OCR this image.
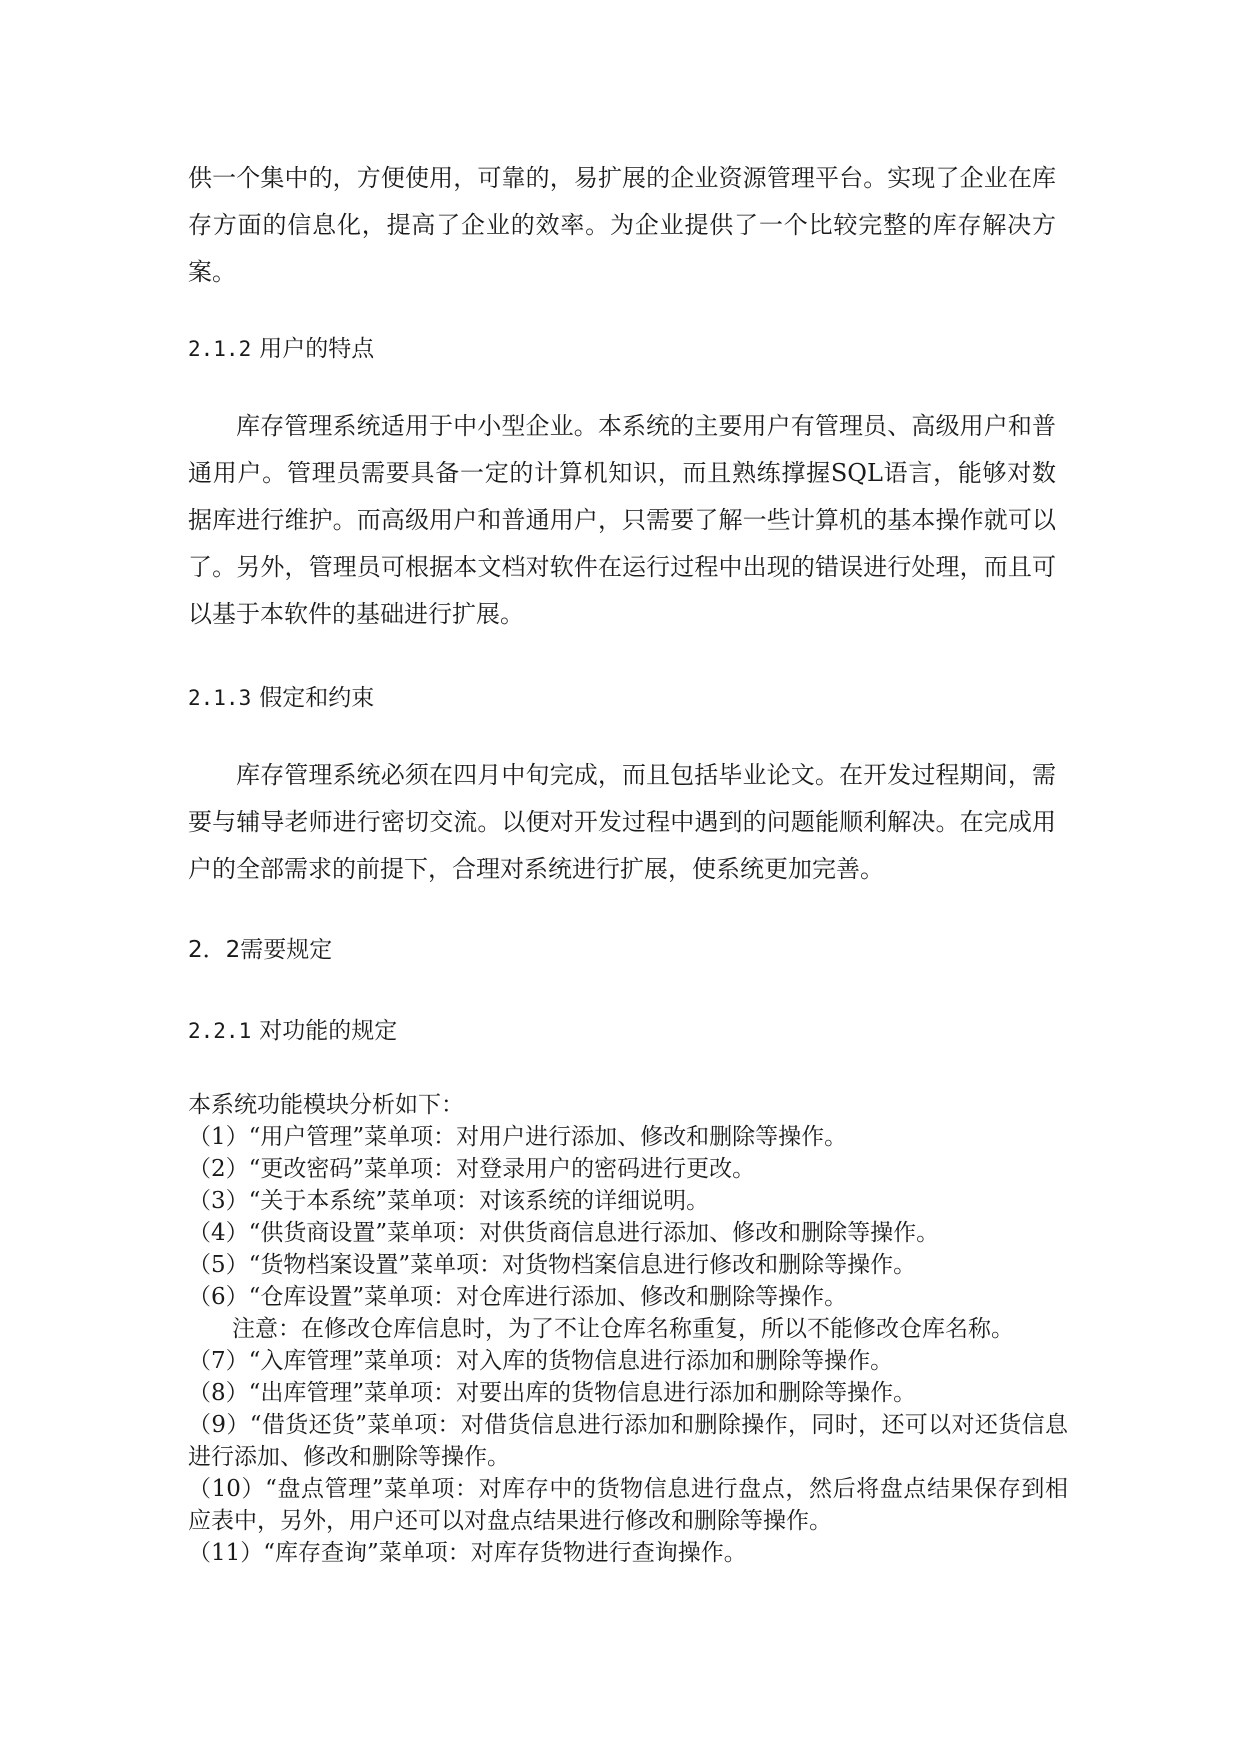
供一个集中的，方便使用，可靠的，易扩展的企业资源管理平台。实现了企业在库存方面的信息化，提高了企业的效率。为企业提供了一个比较完整的库存解决方案。

2.1.2 用户的特点

库存管理系统适用于中小型企业。本系统的主要用户有管理员、高级用户和普通用户。管理员需要具备一定的计算机知识，而且熟练撑握SQL语言，能够对数据库进行维护。而高级用户和普通用户，只需要了解一些计算机的基本操作就可以了。另外，管理员可根据本文档对软件在运行过程中出现的错误进行处理，而且可以基于本软件的基础进行扩展。

2.1.3 假定和约束

库存管理系统必须在四月中旬完成，而且包括毕业论文。在开发过程期间，需要与辅导老师进行密切交流。以便对开发过程中遇到的问题能顺利解决。在完成用户的全部需求的前提下，合理对系统进行扩展，使系统更加完善。

2．2需要规定
2.2.1 对功能的规定

本系统功能模块分析如下：

（1）“用户管理”菜单项：对用户进行添加、修改和删除等操作。

（2）“更改密码”菜单项：对登录用户的密码进行更改。

（3）“关于本系统”菜单项：对该系统的详细说明。

（4）“供货商设置”菜单项：对供货商信息进行添加、修改和删除等操作。

（5）“货物档案设置”菜单项：对货物档案信息进行修改和删除等操作。

（6）“仓库设置”菜单项：对仓库进行添加、修改和删除等操作。

注意：在修改仓库信息时，为了不让仓库名称重复，所以不能修改仓库名称。

（7）“入库管理”菜单项：对入库的货物信息进行添加和删除等操作。

（8）“出库管理”菜单项：对要出库的货物信息进行添加和删除等操作。

（9）“借货还货”菜单项：对借货信息进行添加和删除操作，同时，还可以对还货信息进行添加、修改和删除等操作。

（10）“盘点管理”菜单项：对库存中的货物信息进行盘点，然后将盘点结果保存到相应表中，另外，用户还可以对盘点结果进行修改和删除等操作。

（11）“库存查询”菜单项：对库存货物进行查询操作。
